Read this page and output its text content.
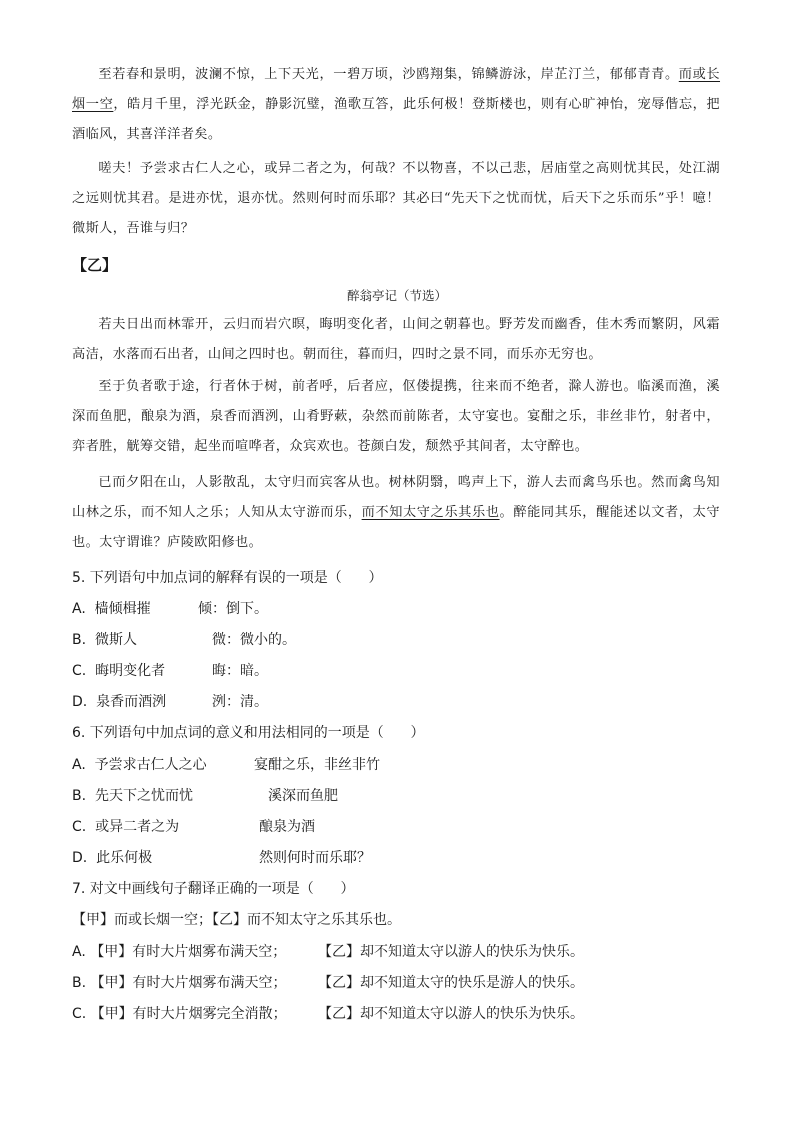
至若春和景明，波澜不惊，上下天光，一碧万顷，沙鸥翔集，锦鳞游泳，岸芷汀兰，郁郁青青。而或长烟一空，皓月千里，浮光跃金，静影沉璧，渔歌互答，此乐何极！登斯楼也，则有心旷神怡，宠辱偕忘，把酒临风，其喜洋洋者矣。

嗟夫！予尝求古仁人之心，或异二者之为，何哉？不以物喜，不以己悲，居庙堂之高则忧其民，处江湖之远则忧其君。是进亦忧，退亦忧。然则何时而乐耶？其必曰“先天下之忧而忧，后天下之乐而乐”乎！噫！微斯人，吾谁与归？

【乙】
醉翁亭记（节选）

若夫日出而林霏开，云归而岩穴暝，晦明变化者，山间之朝暮也。野芳发而幽香，佳木秀而繁阴，风霜高洁，水落而石出者，山间之四时也。朝而往，暮而归，四时之景不同，而乐亦无穷也。

至于负者歌于途，行者休于树，前者呼，后者应，伛偻提携，往来而不绝者，滁人游也。临溪而渔，溪深而鱼肥，酿泉为酒，泉香而酒洌，山肴野蔌，杂然而前陈者，太守宴也。宴酣之乐，非丝非竹，射者中，弈者胜，觥筹交错，起坐而喧哗者，众宾欢也。苍颜白发，颓然乎其间者，太守醉也。

已而夕阳在山，人影散乱，太守归而宾客从也。树林阴翳，鸣声上下，游人去而禽鸟乐也。然而禽鸟知山林之乐，而不知人之乐；人知从太守游而乐，而不知太守之乐其乐也。醉能同其乐，醒能述以文者，太守也。太守谓谁？庐陵欧阳修也。

5. 下列语句中加点词的解释有误的一项是（      ）
A.  樯倾楫摧	倾：倒下。
B.  微斯人	微：微小的。
C.  晦明变化者	晦：暗。
D.  泉香而酒洌	洌：清。
6. 下列语句中加点词的意义和用法相同的一项是（      ）
A.  予尝求古仁人之心	宴酣之乐，非丝非竹
B.  先天下之忧而忧	溪深而鱼肥
C.  或异二者之为	酿泉为酒
D.  此乐何极	然则何时而乐耶？
7. 对文中画线句子翻译正确的一项是（      ）
【甲】而或长烟一空；【乙】而不知太守之乐其乐也。
A. 【甲】有时大片烟雾布满天空； 【乙】却不知道太守以游人的快乐为快乐。
B. 【甲】有时大片烟雾布满天空； 【乙】却不知道太守的快乐是游人的快乐。
C. 【甲】有时大片烟雾完全消散； 【乙】却不知道太守以游人的快乐为快乐。
